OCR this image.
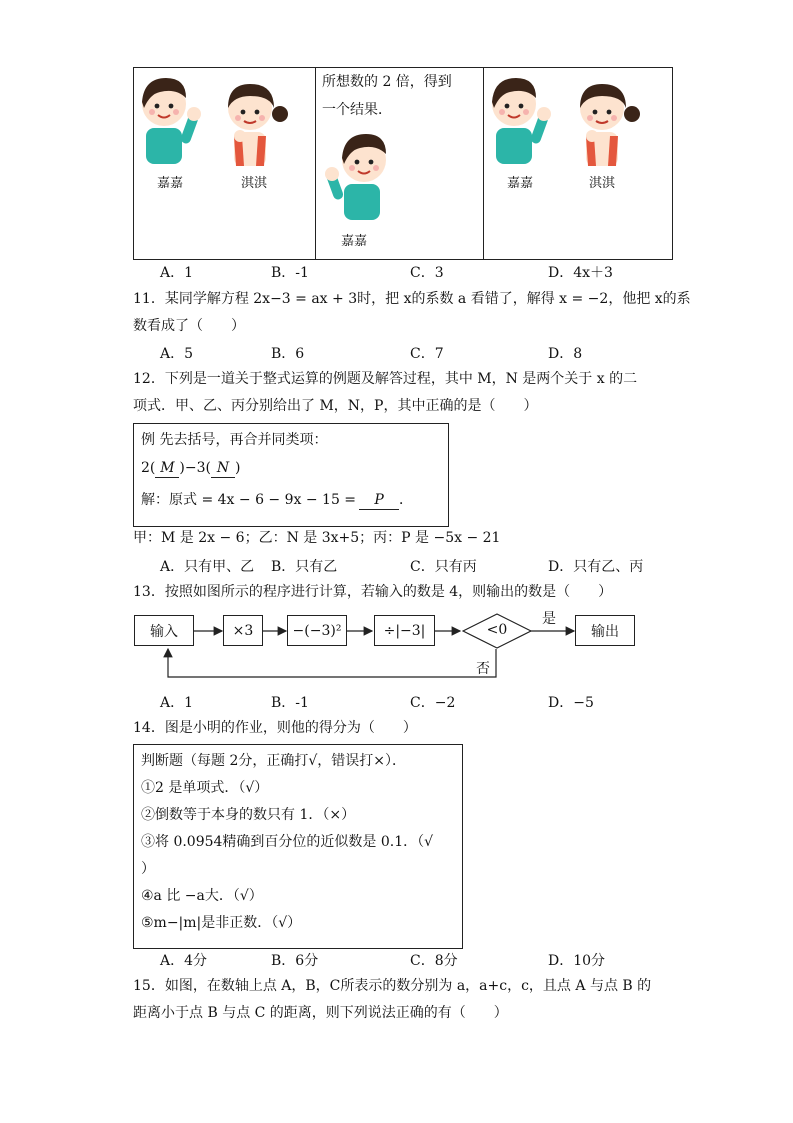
嘉嘉	淇淇
所想数的 2 倍，得到
一个结果．
嘉嘉
嘉嘉	淇淇
A．1	B．-1	C．3	D．4x＋3
11．某同学解方程 2x−3 = ax + 3时，把 x的系数 a 看错了，解得 x = −2，他把 x的系
数看成了（　　）
A．5	B．6	C．7	D．8
12．下列是一道关于整式运算的例题及解答过程，其中 M，N 是两个关于 x 的二
项式．甲、乙、丙分别给出了 M，N，P，其中正确的是（　　）
例 先去括号，再合并同类项：
2( M )−3( N )
解：原式 = 4x − 6 − 9x − 15 = P ．
甲：M 是 2x − 6；乙：N 是 3x+5；丙：P 是 −5x − 21
A．只有甲、乙 B．只有乙	C．只有丙	D．只有乙、丙
13．按照如图所示的程序进行计算，若输入的数是 4，则输出的数是（　　）
输入	×3	−(−3)²	÷|−3|	<0
是
否
输出
A．1	B．-1	C．−2	D．−5
14．图是小明的作业，则他的得分为（　　）
判断题（每题 2分，正确打√，错误打×）．
①2 是单项式．（√）
②倒数等于本身的数只有 1．（×）
③将 0.0954精确到百分位的近似数是 0.1．（√
）
④a 比 −a大．（√）
⑤m−|m|是非正数．（√）
A．4分	B．6分	C．8分	D．10分
15．如图，在数轴上点 A，B，C所表示的数分别为 a，a+c，c，且点 A 与点 B 的
距离小于点 B 与点 C 的距离，则下列说法正确的有（　　）
